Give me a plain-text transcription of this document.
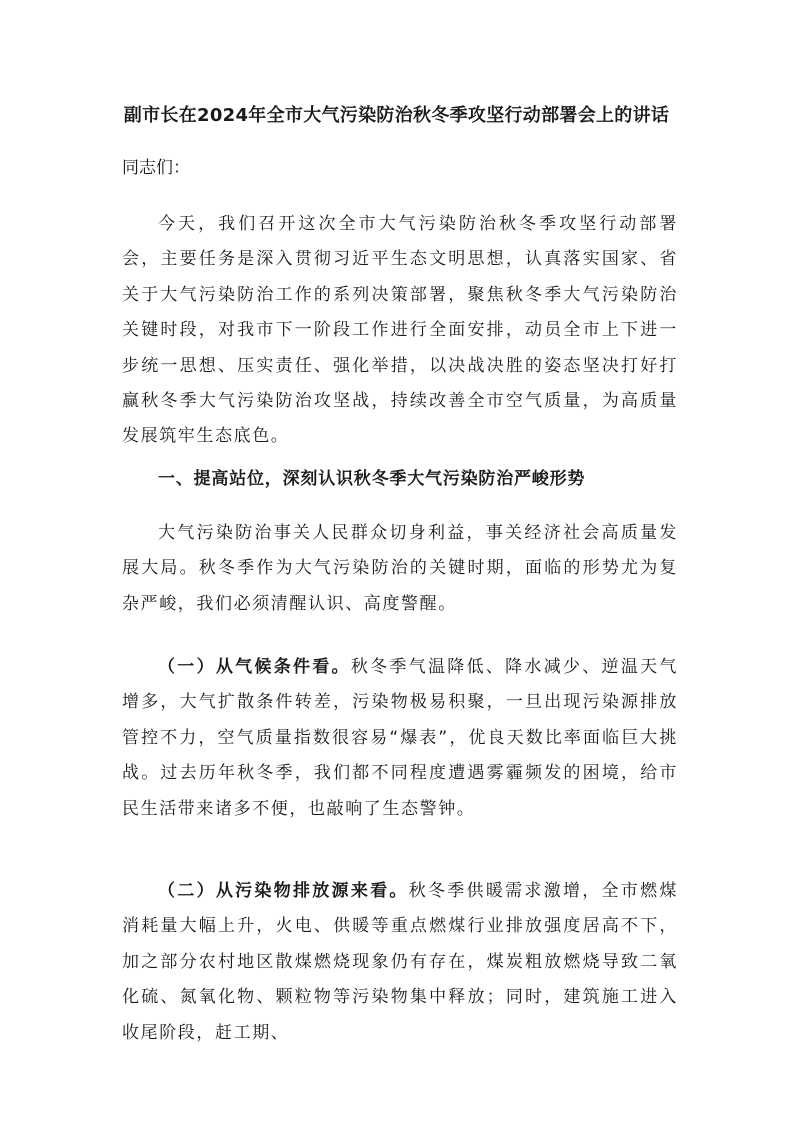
副市长在2024年全市大气污染防治秋冬季攻坚行动部署会上的讲话

同志们：

今天，我们召开这次全市大气污染防治秋冬季攻坚行动部署会，主要任务是深入贯彻习近平生态文明思想，认真落实国家、省关于大气污染防治工作的系列决策部署，聚焦秋冬季大气污染防治关键时段，对我市下一阶段工作进行全面安排，动员全市上下进一步统一思想、压实责任、强化举措，以决战决胜的姿态坚决打好打赢秋冬季大气污染防治攻坚战，持续改善全市空气质量，为高质量发展筑牢生态底色。

一、提高站位，深刻认识秋冬季大气污染防治严峻形势

大气污染防治事关人民群众切身利益，事关经济社会高质量发展大局。秋冬季作为大气污染防治的关键时期，面临的形势尤为复杂严峻，我们必须清醒认识、高度警醒。

（一）从气候条件看。秋冬季气温降低、降水减少、逆温天气增多，大气扩散条件转差，污染物极易积聚，一旦出现污染源排放管控不力，空气质量指数很容易“爆表”，优良天数比率面临巨大挑战。过去历年秋冬季，我们都不同程度遭遇雾霾频发的困境，给市民生活带来诸多不便，也敲响了生态警钟。

（二）从污染物排放源来看。秋冬季供暖需求激增，全市燃煤消耗量大幅上升，火电、供暖等重点燃煤行业排放强度居高不下，加之部分农村地区散煤燃烧现象仍有存在，煤炭粗放燃烧导致二氧化硫、氮氧化物、颗粒物等污染物集中释放；同时，建筑施工进入收尾阶段，赶工期、
